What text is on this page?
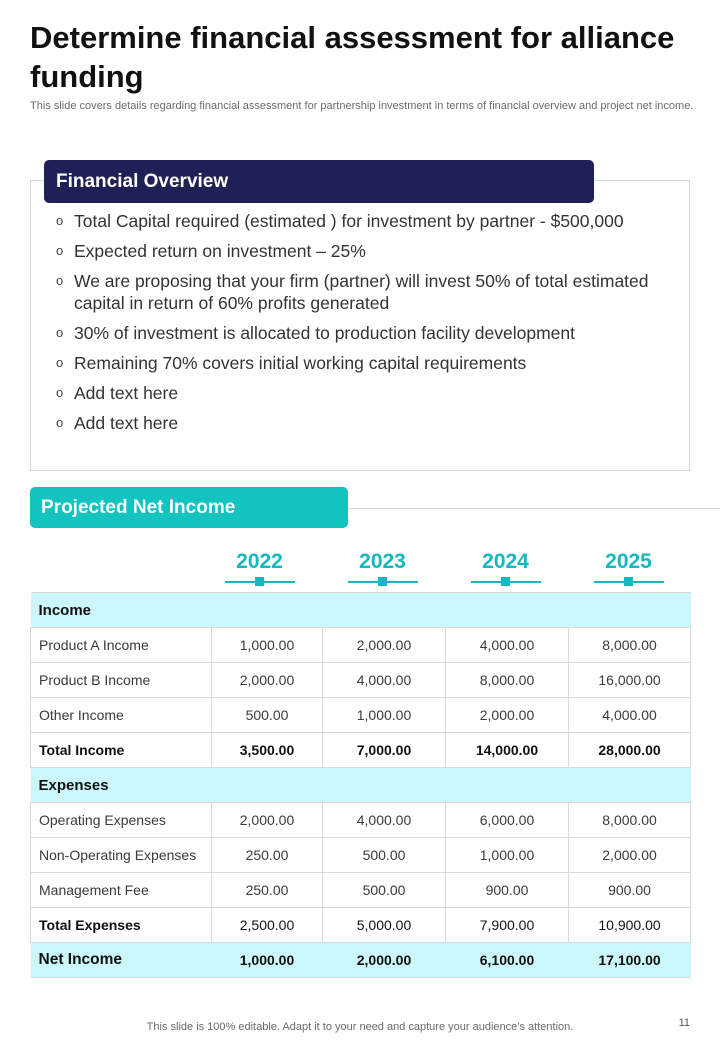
Determine financial assessment for alliance funding
This slide covers details regarding financial assessment for partnership investment in terms of financial overview and project net income.
Financial Overview
o Total Capital required (estimated ) for investment by partner - $500,000
o Expected return on investment – 25%
o We are proposing that your firm (partner) will invest 50% of total estimated capital in return of 60% profits generated
o 30% of investment is allocated to production facility development
o Remaining 70% covers initial working capital requirements
o Add text here
o Add text here
Projected Net Income
2022	2023	2024	2025
Income				
Product A Income	1,000.00	2,000.00	4,000.00	8,000.00
Product B Income	2,000.00	4,000.00	8,000.00	16,000.00
Other Income	500.00	1,000.00	2,000.00	4,000.00
Total Income	3,500.00	7,000.00	14,000.00	28,000.00
Expenses				
Operating Expenses	2,000.00	4,000.00	6,000.00	8,000.00
Non-Operating Expenses	250.00	500.00	1,000.00	2,000.00
Management Fee	250.00	500.00	900.00	900.00
Total Expenses	2,500.00	5,000.00	7,900.00	10,900.00
Net Income	1,000.00	2,000.00	6,100.00	17,100.00
This slide is 100% editable. Adapt it to your need and capture your audience’s attention.	11
